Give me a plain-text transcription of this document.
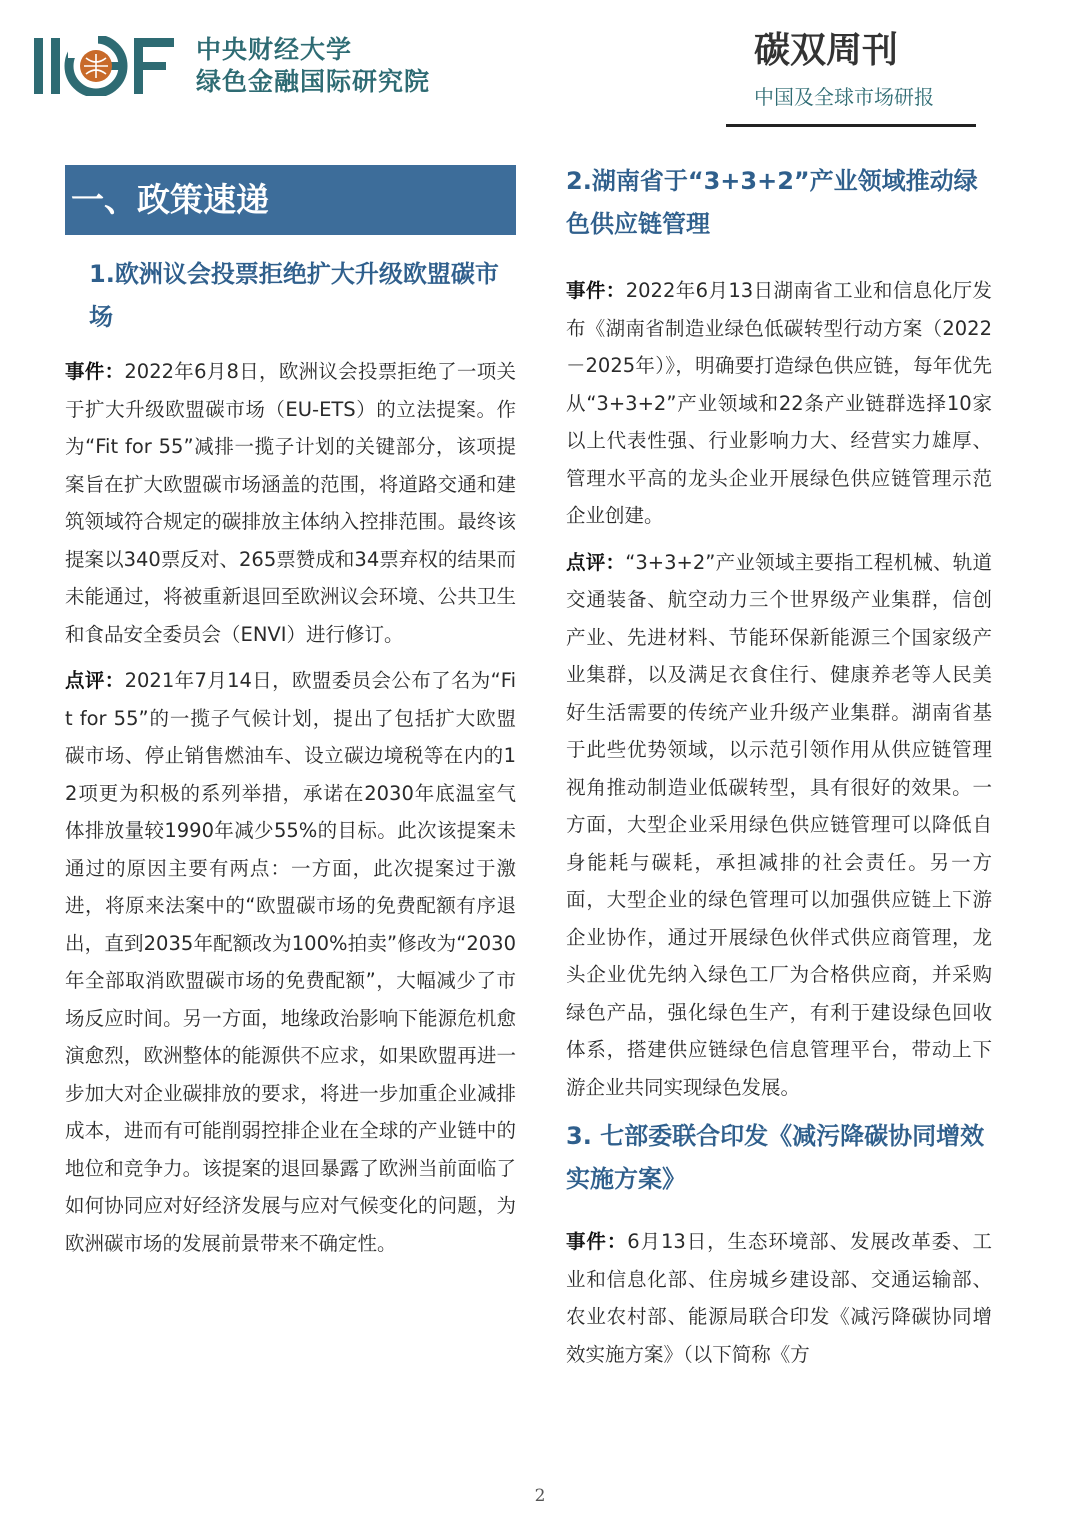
中央财经大学
绿色金融国际研究院
碳双周刊
中国及全球市场研报
一、政策速递
1.欧洲议会投票拒绝扩大升级欧盟碳市场

事件：2022年6月8日，欧洲议会投票拒绝了一项关于扩大升级欧盟碳市场（EU-ETS）的立法提案。作为“Fit for 55”减排一揽子计划的关键部分，该项提案旨在扩大欧盟碳市场涵盖的范围，将道路交通和建筑领域符合规定的碳排放主体纳入控排范围。最终该提案以340票反对、265票赞成和34票弃权的结果而未能通过，将被重新退回至欧洲议会环境、公共卫生和食品安全委员会（ENVI）进行修订。

点评：2021年7月14日，欧盟委员会公布了名为“Fit for 55”的一揽子气候计划，提出了包括扩大欧盟碳市场、停止销售燃油车、设立碳边境税等在内的12项更为积极的系列举措，承诺在2030年底温室气体排放量较1990年减少55%的目标。此次该提案未通过的原因主要有两点：一方面，此次提案过于激进，将原来法案中的“欧盟碳市场的免费配额有序退出，直到2035年配额改为100%拍卖”修改为“2030年全部取消欧盟碳市场的免费配额”，大幅减少了市场反应时间。另一方面，地缘政治影响下能源危机愈演愈烈，欧洲整体的能源供不应求，如果欧盟再进一步加大对企业碳排放的要求，将进一步加重企业减排成本，进而有可能削弱控排企业在全球的产业链中的地位和竞争力。该提案的退回暴露了欧洲当前面临了如何协同应对好经济发展与应对气候变化的问题，为欧洲碳市场的发展前景带来不确定性。

2.湖南省于“3+3+2”产业领域推动绿色供应链管理

事件：2022年6月13日湖南省工业和信息化厅发布《湖南省制造业绿色低碳转型行动方案（2022－2025年）》，明确要打造绿色供应链，每年优先从“3+3+2”产业领域和22条产业链群选择10家以上代表性强、行业影响力大、经营实力雄厚、管理水平高的龙头企业开展绿色供应链管理示范企业创建。

点评：“3+3+2”产业领域主要指工程机械、轨道交通装备、航空动力三个世界级产业集群，信创产业、先进材料、节能环保新能源三个国家级产业集群，以及满足衣食住行、健康养老等人民美好生活需要的传统产业升级产业集群。湖南省基于此些优势领域，以示范引领作用从供应链管理视角推动制造业低碳转型，具有很好的效果。一方面，大型企业采用绿色供应链管理可以降低自身能耗与碳耗，承担减排的社会责任。另一方面，大型企业的绿色管理可以加强供应链上下游企业协作，通过开展绿色伙伴式供应商管理，龙头企业优先纳入绿色工厂为合格供应商，并采购绿色产品，强化绿色生产，有利于建设绿色回收体系，搭建供应链绿色信息管理平台，带动上下游企业共同实现绿色发展。

3. 七部委联合印发《减污降碳协同增效实施方案》

事件：6月13日，生态环境部、发展改革委、工业和信息化部、住房城乡建设部、交通运输部、农业农村部、能源局联合印发《减污降碳协同增效实施方案》（以下简称《方

2
